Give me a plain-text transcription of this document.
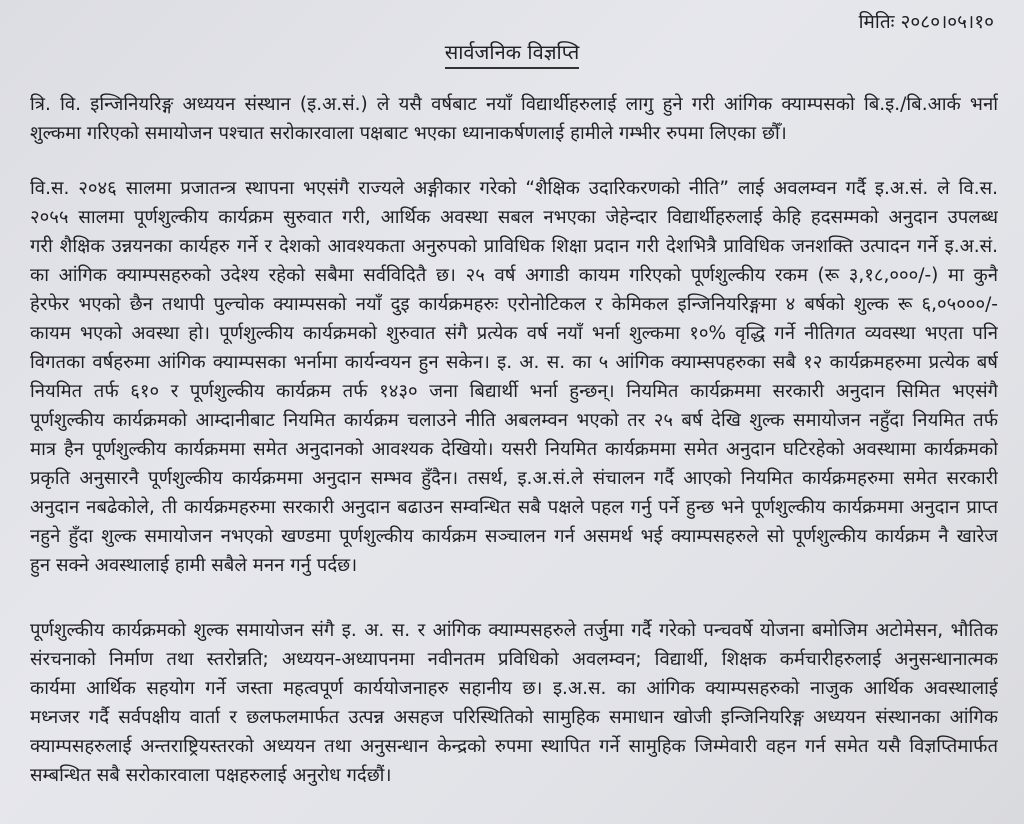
मितिः २०८०।०५।१०
सार्वजनिक विज्ञप्ति
त्रि. वि. इन्जिनियरिङ्ग अध्ययन संस्थान (इ.अ.सं.) ले यसै वर्षबाट नयाँ विद्यार्थीहरुलाई लागु हुने गरी आंगिक क्याम्पसको बि.इ./बि.आर्क भर्ना
शुल्कमा गरिएको समायोजन पश्चात सरोकारवाला पक्षबाट भएका ध्यानाकर्षणलाई हामीले गम्भीर रुपमा लिएका छौँ।
वि.स. २०४६ सालमा प्रजातन्त्र स्थापना भएसंगै राज्यले अङ्गीकार गरेको “शैक्षिक उदारिकरणको नीति” लाई अवलम्वन गर्दै इ.अ.सं. ले वि.स.
२०५५ सालमा पूर्णशुल्कीय कार्यक्रम सुरुवात गरी, आर्थिक अवस्था सबल नभएका जेहेन्दार विद्यार्थीहरुलाई केहि हदसम्मको अनुदान उपलब्ध
गरी शैक्षिक उन्नयनका कार्यहरु गर्ने र देशको आवश्यकता अनुरुपको प्राविधिक शिक्षा प्रदान गरी देशभित्रै प्राविधिक जनशक्ति उत्पादन गर्ने इ.अ.सं.
का आंगिक क्याम्पसहरुको उदेश्य रहेको सबैमा सर्वविदितै छ। २५ वर्ष अगाडी कायम गरिएको पूर्णशुल्कीय रकम (रू ३,१८,०००/-) मा कुनै
हेरफेर भएको छैन तथापी पुल्चोक क्याम्पसको नयाँ दुइ कार्यक्रमहरुः एरोनोटिकल र केमिकल इन्जिनियरिङ्गमा ४ बर्षको शुल्क रू ६,०५०००/-
कायम भएको अवस्था हो। पूर्णशुल्कीय कार्यक्रमको शुरुवात संगै प्रत्येक वर्ष नयाँ भर्ना शुल्कमा १०% वृद्धि गर्ने नीतिगत व्यवस्था भएता पनि
विगतका वर्षहरुमा आंगिक क्याम्पसका भर्नामा कार्यन्वयन हुन सकेन। इ. अ. स. का ५ आंगिक क्याम्सपहरुका सबै १२ कार्यक्रमहरुमा प्रत्येक बर्ष
नियमित तर्फ ६१० र पूर्णशुल्कीय कार्यक्रम तर्फ १४३० जना बिद्यार्थी भर्ना हुन्छन्। नियमित कार्यक्रममा सरकारी अनुदान सिमित भएसंगै
पूर्णशुल्कीय कार्यक्रमको आम्दानीबाट नियमित कार्यक्रम चलाउने नीति अबलम्वन भएको तर २५ बर्ष देखि शुल्क समायोजन नहुँदा नियमित तर्फ
मात्र हैन पूर्णशुल्कीय कार्यक्रममा समेत अनुदानको आवश्यक देखियो। यसरी नियमित कार्यक्रममा समेत अनुदान घटिरहेको अवस्थामा कार्यक्रमको
प्रकृति अनुसारनै पूर्णशुल्कीय कार्यक्रममा अनुदान सम्भव हुँदैन। तसर्थ, इ.अ.सं.ले संचालन गर्दै आएको नियमित कार्यक्रमहरुमा समेत सरकारी
अनुदान नबढेकोले, ती कार्यक्रमहरुमा सरकारी अनुदान बढाउन सम्वन्धित सबै पक्षले पहल गर्नु पर्ने हुन्छ भने पूर्णशुल्कीय कार्यक्रममा अनुदान प्राप्त
नहुने हुँदा शुल्क समायोजन नभएको खण्डमा पूर्णशुल्कीय कार्यक्रम सञ्चालन गर्न असमर्थ भई क्याम्पसहरुले सो पूर्णशुल्कीय कार्यक्रम नै खारेज
हुन सक्ने अवस्थालाई हामी सबैले मनन गर्नु पर्दछ।
पूर्णशुल्कीय कार्यक्रमको शुल्क समायोजन संगै इ. अ. स. र आंगिक क्याम्पसहरुले तर्जुमा गर्दै गरेको पन्चवर्षे योजना बमोजिम अटोमेसन, भौतिक
संरचनाको निर्माण तथा स्तरोन्नति; अध्ययन-अध्यापनमा नवीनतम प्रविधिको अवलम्वन; विद्यार्थी, शिक्षक कर्मचारीहरुलाई अनुसन्धानात्मक
कार्यमा आर्थिक सहयोग गर्ने जस्ता महत्वपूर्ण कार्ययोजनाहरु सहानीय छ। इ.अ.स. का आंगिक क्याम्पसहरुको नाजुक आर्थिक अवस्थालाई
मध्नजर गर्दै सर्वपक्षीय वार्ता र छलफलमार्फत उत्पन्न असहज परिस्थितिको सामुहिक समाधान खोजी इन्जिनियरिङ्ग अध्ययन संस्थानका आंगिक
क्याम्पसहरुलाई अन्तराष्ट्रियस्तरको अध्ययन तथा अनुसन्धान केन्द्रको रुपमा स्थापित गर्ने सामुहिक जिम्मेवारी वहन गर्न समेत यसै विज्ञप्तिमार्फत
सम्बन्धित सबै सरोकारवाला पक्षहरुलाई अनुरोध गर्दछौं।
